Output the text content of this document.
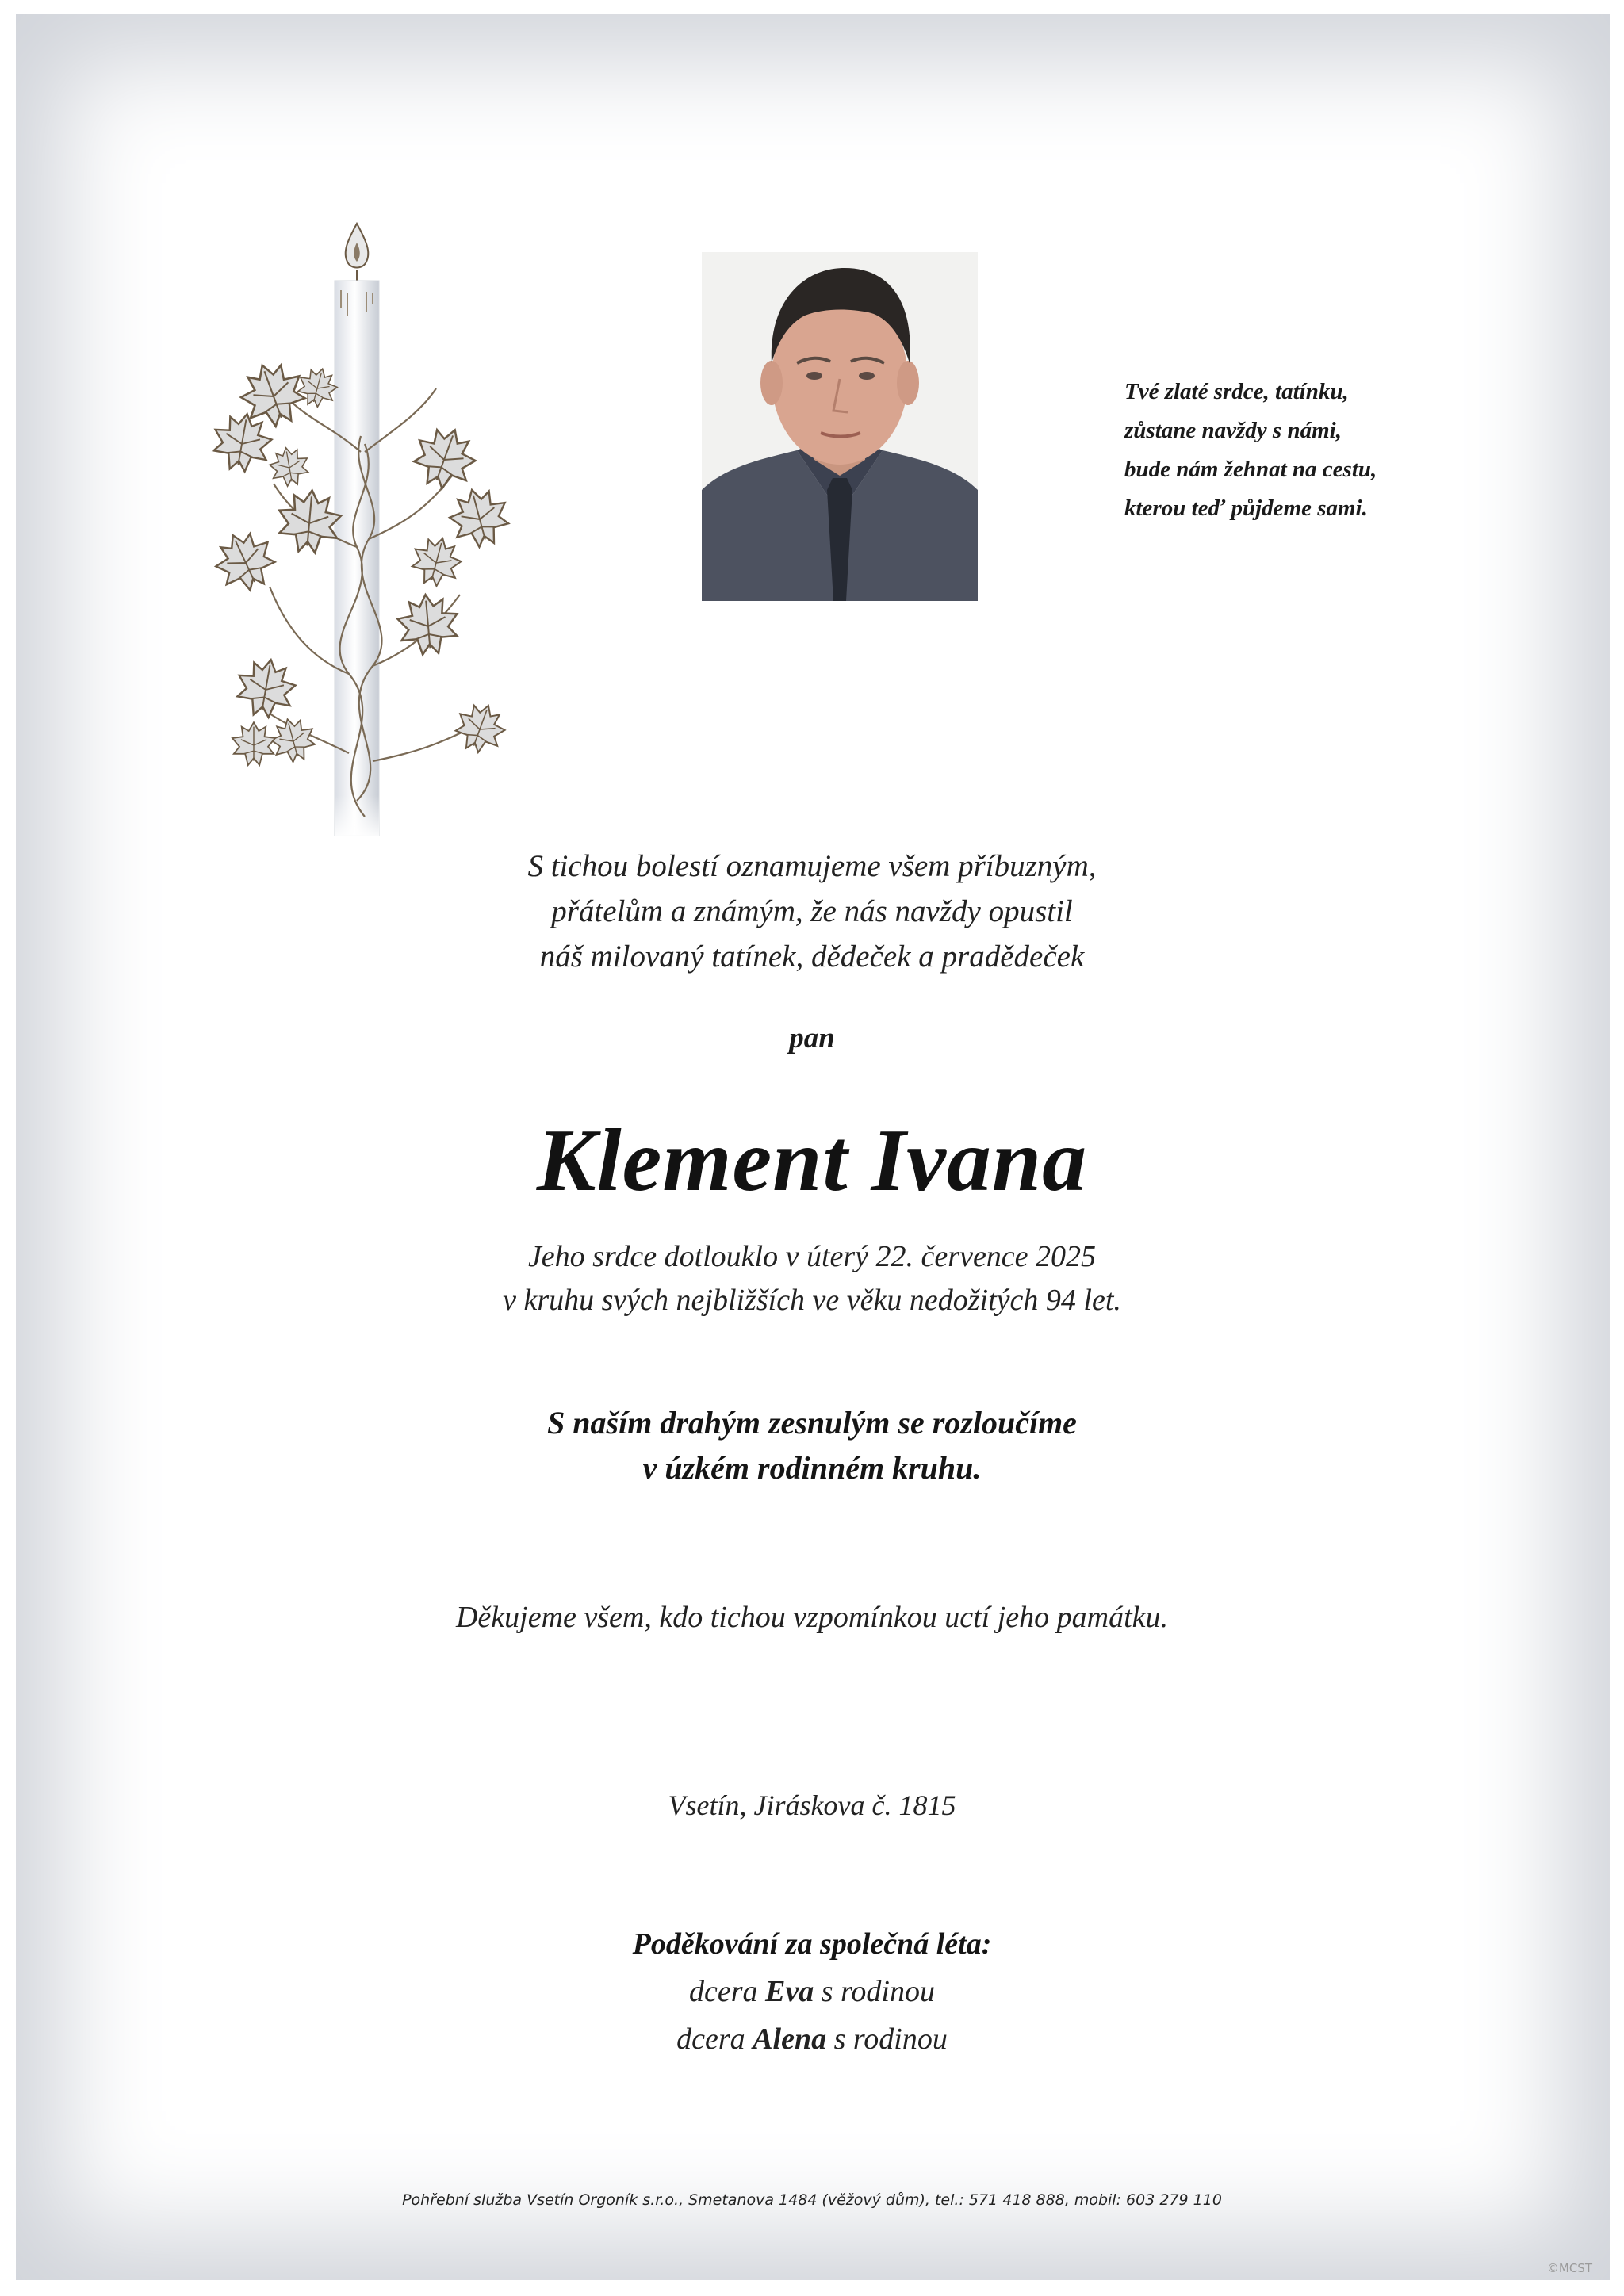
Tvé zlaté srdce, tatínku,
zůstane navždy s námi,
bude nám žehnat na cestu,
kterou teď půjdeme sami.
S tichou bolestí oznamujeme všem příbuzným,
přátelům a známým, že nás navždy opustil
náš milovaný tatínek, dědeček a pradědeček
pan
Klement Ivana
Jeho srdce dotlouklo v úterý 22. července 2025
v kruhu svých nejbližších ve věku nedožitých 94 let.
S naším drahým zesnulým se rozloučíme
v úzkém rodinném kruhu.
Děkujeme všem, kdo tichou vzpomínkou uctí jeho památku.
Vsetín, Jiráskova č. 1815
Poděkování za společná léta:
dcera Eva s rodinou
dcera Alena s rodinou
Pohřební služba Vsetín Orgoník s.r.o., Smetanova 1484 (věžový dům), tel.: 571 418 888, mobil: 603 279 110
©MCST
